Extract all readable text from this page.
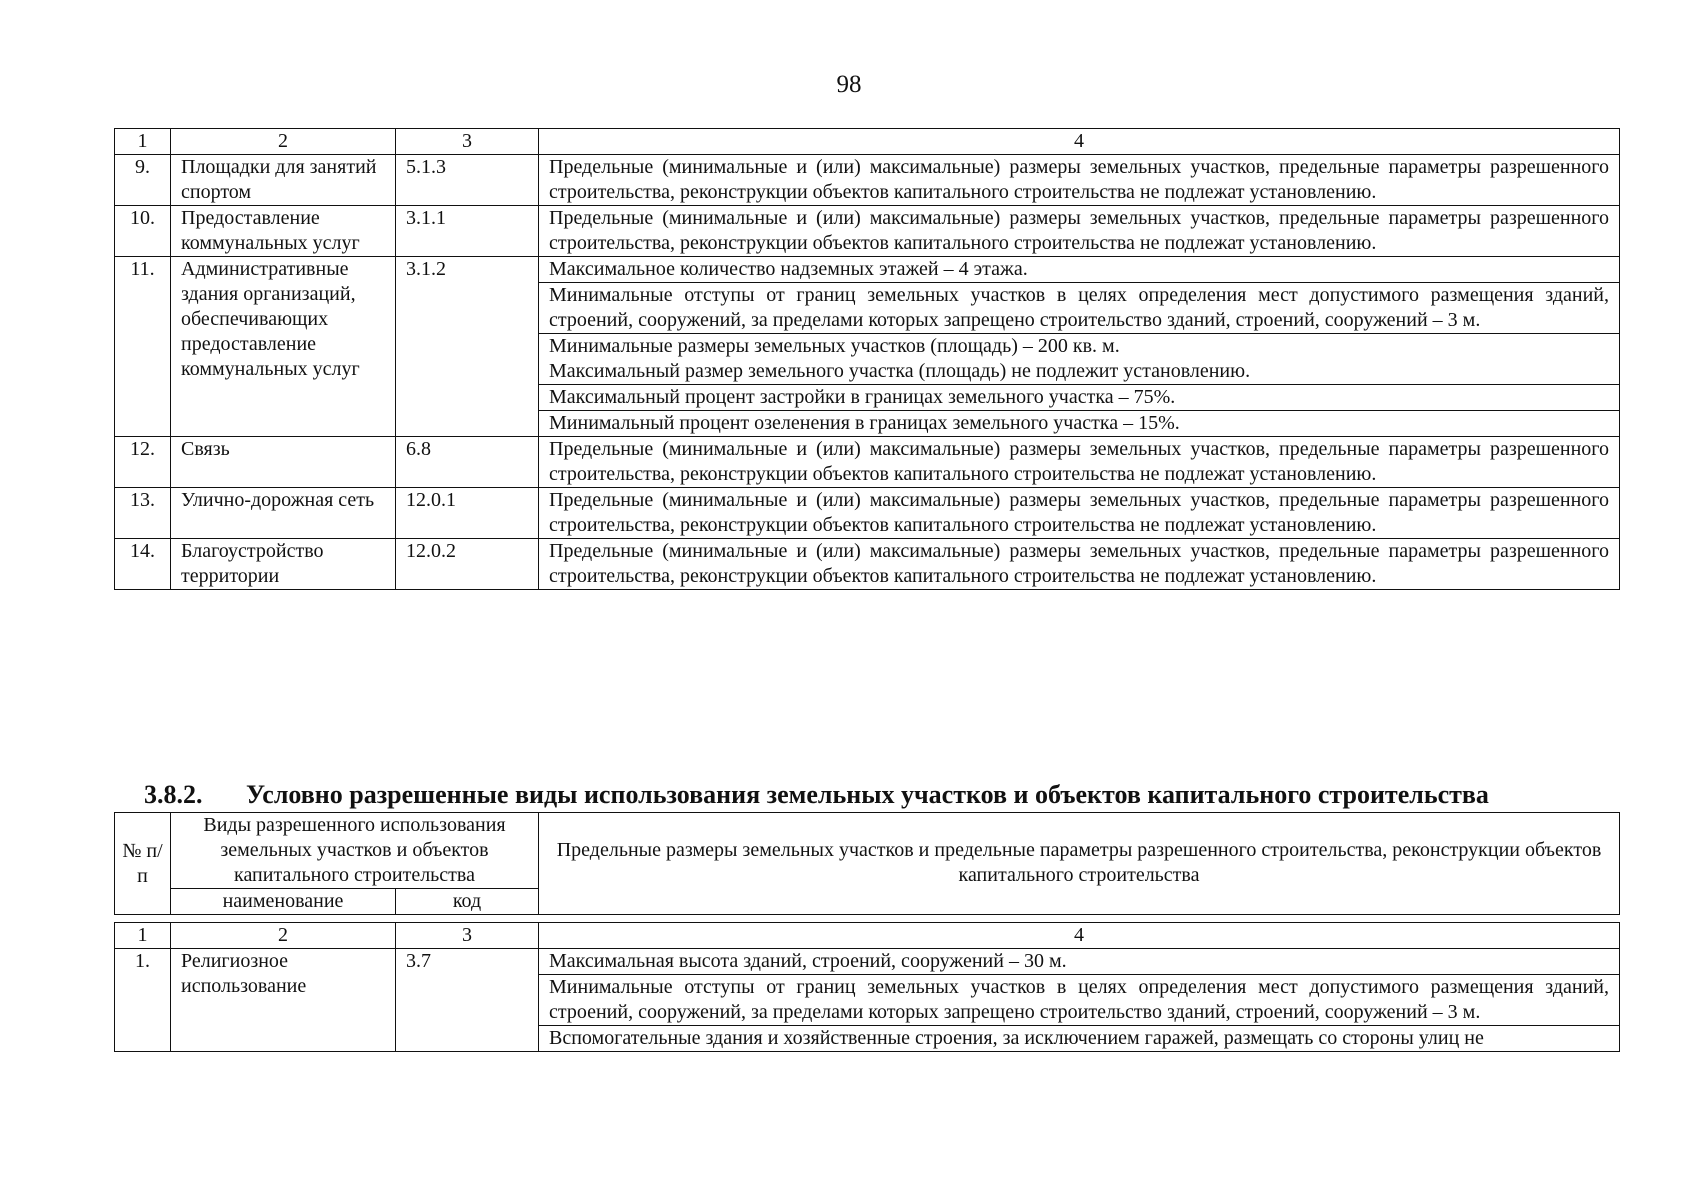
98
1	2	3	4
9.	Площадки для занятий спортом	5.1.3	Предельные (минимальные и (или) максимальные) размеры земельных участков, предельные параметры разрешенного строительства, реконструкции объектов капитального строительства не подлежат установлению.
10.	Предоставление коммунальных услуг	3.1.1	Предельные (минимальные и (или) максимальные) размеры земельных участков, предельные параметры разрешенного строительства, реконструкции объектов капитального строительства не подлежат установлению.
11.	Административные здания организаций, обеспечивающих предоставление коммунальных услуг	3.1.2	Максимальное количество надземных этажей – 4 этажа.
			Минимальные отступы от границ земельных участков в целях определения мест допустимого размещения зданий, строений, сооружений, за пределами которых запрещено строительство зданий, строений, сооружений – 3 м.
			Минимальные размеры земельных участков (площадь) – 200 кв. м.
Максимальный размер земельного участка (площадь) не подлежит установлению.
			Максимальный процент застройки в границах земельного участка – 75%.
			Минимальный процент озеленения в границах земельного участка – 15%.
12.	Связь	6.8	Предельные (минимальные и (или) максимальные) размеры земельных участков, предельные параметры разрешенного строительства, реконструкции объектов капитального строительства не подлежат установлению.
13.	Улично-дорожная сеть	12.0.1	Предельные (минимальные и (или) максимальные) размеры земельных участков, предельные параметры разрешенного строительства, реконструкции объектов капитального строительства не подлежат установлению.
14.	Благоустройство территории	12.0.2	Предельные (минимальные и (или) максимальные) размеры земельных участков, предельные параметры разрешенного строительства, реконструкции объектов капитального строительства не подлежат установлению.
3.8.2. Условно разрешенные виды использования земельных участков и объектов капитального строительства
№ п/п	Виды разрешенного использования земельных участков и объектов капитального строительства		Предельные размеры земельных участков и предельные параметры разрешенного строительства, реконструкции объектов капитального строительства
	наименование	код	
1	2	3	4
1.	Религиозное использование	3.7	Максимальная высота зданий, строений, сооружений – 30 м.
			Минимальные отступы от границ земельных участков в целях определения мест допустимого размещения зданий, строений, сооружений, за пределами которых запрещено строительство зданий, строений, сооружений – 3 м.
			Вспомогательные здания и хозяйственные строения, за исключением гаражей, размещать со стороны улиц не
